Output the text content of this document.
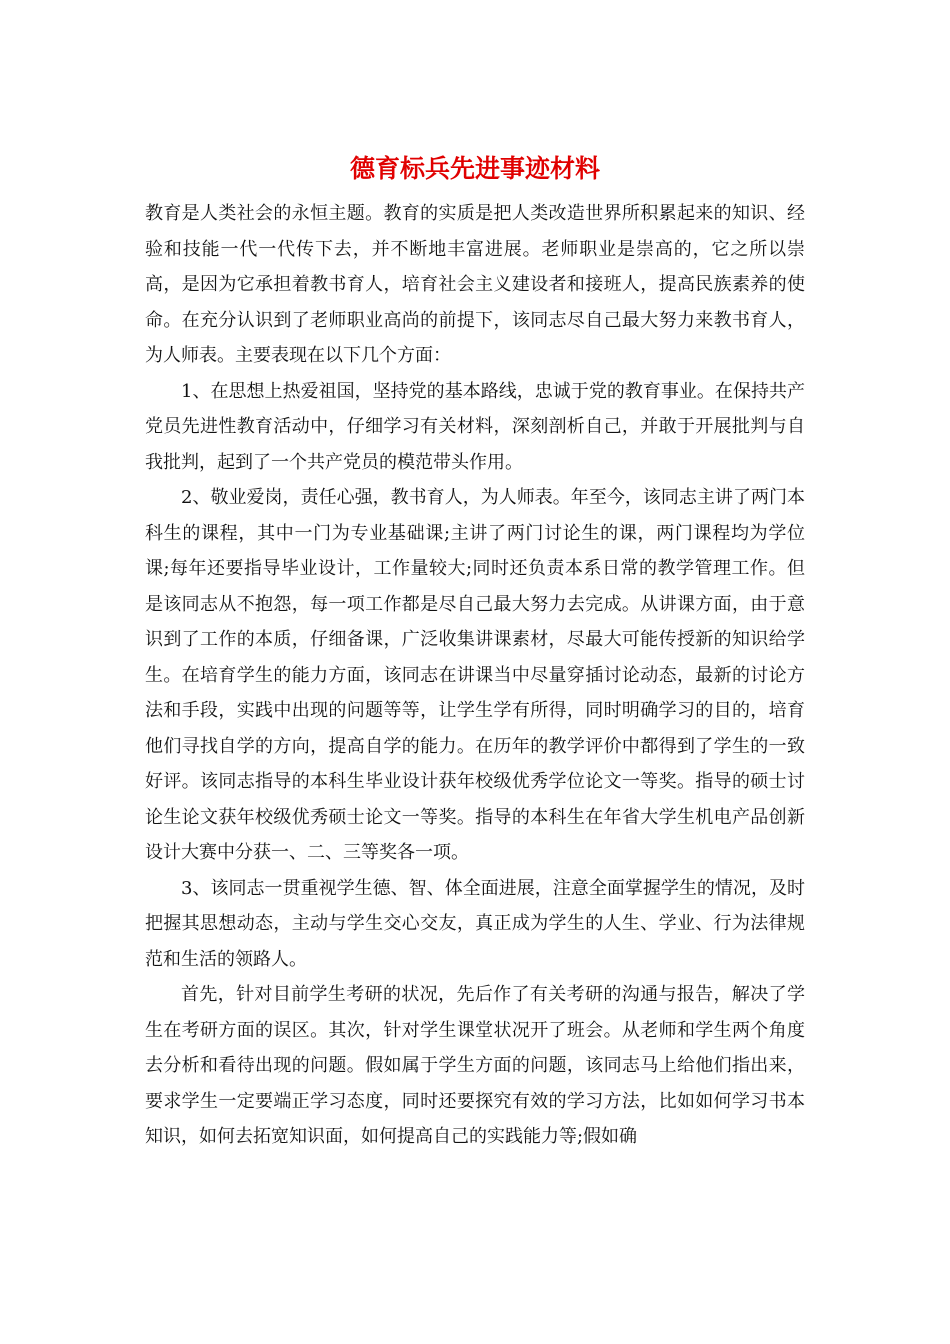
德育标兵先进事迹材料

教育是人类社会的永恒主题。教育的实质是把人类改造世界所积累起来的知识、经验和技能一代一代传下去，并不断地丰富进展。老师职业是崇高的，它之所以崇高，是因为它承担着教书育人，培育社会主义建设者和接班人，提高民族素养的使命。在充分认识到了老师职业高尚的前提下，该同志尽自己最大努力来教书育人，为人师表。主要表现在以下几个方面：

1、在思想上热爱祖国，坚持党的基本路线，忠诚于党的教育事业。在保持共产党员先进性教育活动中，仔细学习有关材料，深刻剖析自己，并敢于开展批判与自我批判，起到了一个共产党员的模范带头作用。

2、敬业爱岗，责任心强，教书育人，为人师表。年至今，该同志主讲了两门本科生的课程，其中一门为专业基础课;主讲了两门讨论生的课，两门课程均为学位课;每年还要指导毕业设计，工作量较大;同时还负责本系日常的教学管理工作。但是该同志从不抱怨，每一项工作都是尽自己最大努力去完成。从讲课方面，由于意识到了工作的本质，仔细备课，广泛收集讲课素材，尽最大可能传授新的知识给学生。在培育学生的能力方面，该同志在讲课当中尽量穿插讨论动态，最新的讨论方法和手段，实践中出现的问题等等，让学生学有所得，同时明确学习的目的，培育他们寻找自学的方向，提高自学的能力。在历年的教学评价中都得到了学生的一致好评。该同志指导的本科生毕业设计获年校级优秀学位论文一等奖。指导的硕士讨论生论文获年校级优秀硕士论文一等奖。指导的本科生在年省大学生机电产品创新设计大赛中分获一、二、三等奖各一项。

3、该同志一贯重视学生德、智、体全面进展，注意全面掌握学生的情况，及时把握其思想动态，主动与学生交心交友，真正成为学生的人生、学业、行为法律规范和生活的领路人。

首先，针对目前学生考研的状况，先后作了有关考研的沟通与报告，解决了学生在考研方面的误区。其次，针对学生课堂状况开了班会。从老师和学生两个角度去分析和看待出现的问题。假如属于学生方面的问题，该同志马上给他们指出来，要求学生一定要端正学习态度，同时还要探究有效的学习方法，比如如何学习书本知识，如何去拓宽知识面，如何提高自己的实践能力等;假如确
